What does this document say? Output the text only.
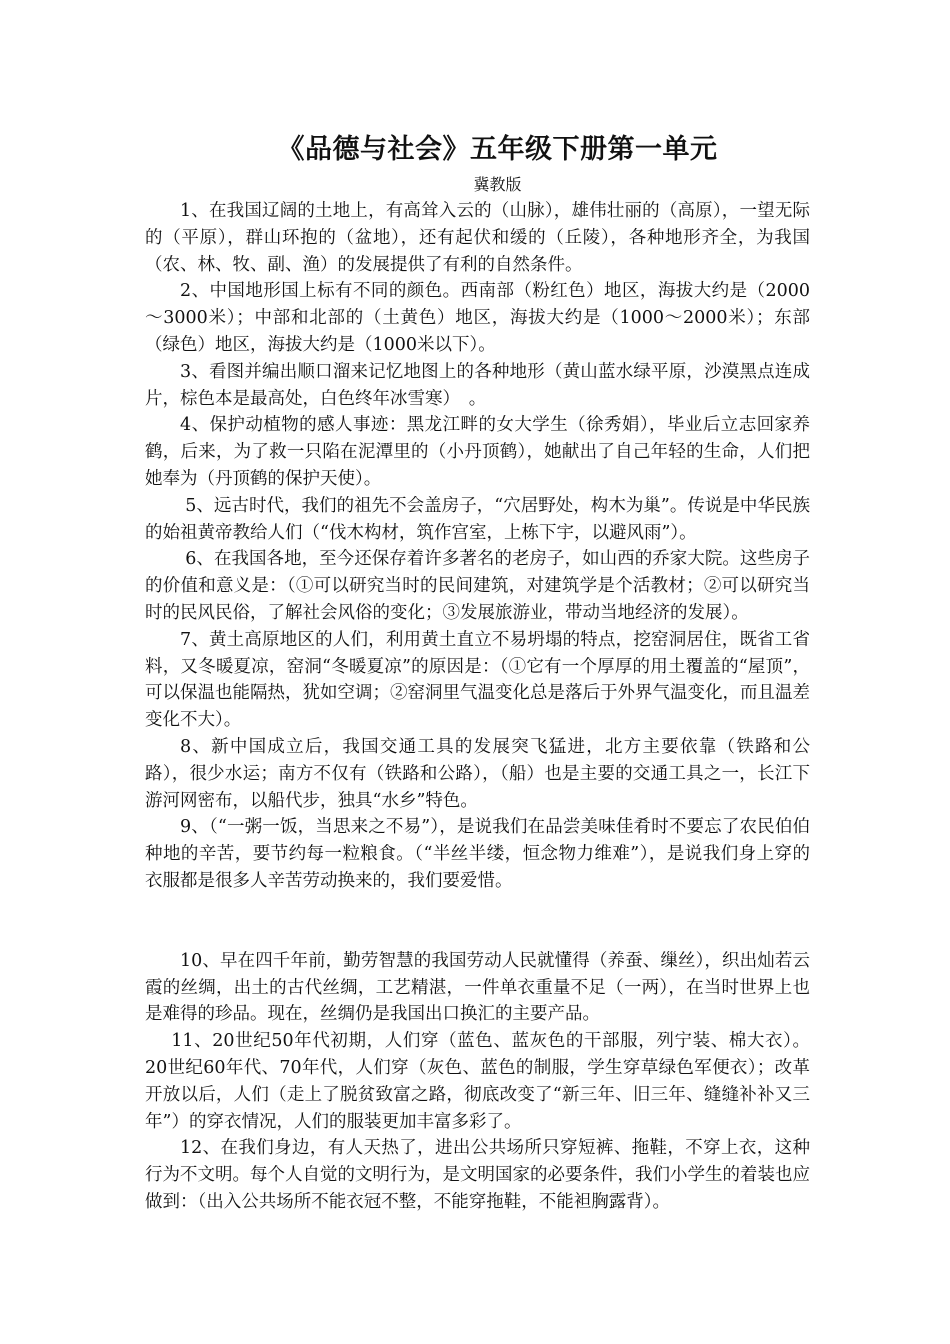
《品德与社会》五年级下册第一单元

冀教版

1、在我国辽阔的土地上，有高耸入云的（山脉），雄伟壮丽的（高原），一望无际的（平原），群山环抱的（盆地），还有起伏和缓的（丘陵），各种地形齐全，为我国（农、林、牧、副、渔）的发展提供了有利的自然条件。

2、中国地形国上标有不同的颜色。西南部（粉红色）地区，海拔大约是（2000～3000米）；中部和北部的（土黄色）地区，海拔大约是（1000～2000米）；东部（绿色）地区，海拔大约是（1000米以下）。

3、看图并编出顺口溜来记忆地图上的各种地形（黄山蓝水绿平原，沙漠黑点连成片，棕色本是最高处，白色终年冰雪寒）　。

4、保护动植物的感人事迹：黑龙江畔的女大学生（徐秀娟），毕业后立志回家养鹤，后来，为了救一只陷在泥潭里的（小丹顶鹤），她献出了自己年轻的生命，人们把她奉为（丹顶鹤的保护天使）。

5、远古时代，我们的祖先不会盖房子，“穴居野处，构木为巢”。传说是中华民族的始祖黄帝教给人们（“伐木构材，筑作宫室，上栋下宇，以避风雨”）。

6、在我国各地，至今还保存着许多著名的老房子，如山西的乔家大院。这些房子的价值和意义是：（①可以研究当时的民间建筑，对建筑学是个活教材；②可以研究当时的民风民俗，了解社会风俗的变化；③发展旅游业，带动当地经济的发展）。

7、黄土高原地区的人们，利用黄土直立不易坍塌的特点，挖窑洞居住，既省工省料，又冬暖夏凉，窑洞“冬暖夏凉”的原因是：（①它有一个厚厚的用土覆盖的“屋顶”，可以保温也能隔热，犹如空调；②窑洞里气温变化总是落后于外界气温变化，而且温差变化不大）。

8、新中国成立后，我国交通工具的发展突飞猛进，北方主要依靠（铁路和公路），很少水运；南方不仅有（铁路和公路），（船）也是主要的交通工具之一，长江下游河网密布，以船代步，独具“水乡”特色。

9、（“一粥一饭，当思来之不易”），是说我们在品尝美味佳肴时不要忘了农民伯伯种地的辛苦，要节约每一粒粮食。（“半丝半缕，恒念物力维难”），是说我们身上穿的衣服都是很多人辛苦劳动换来的，我们要爱惜。

10、早在四千年前，勤劳智慧的我国劳动人民就懂得（养蚕、缫丝），织出灿若云霞的丝绸，出土的古代丝绸，工艺精湛，一件单衣重量不足（一两），在当时世界上也是难得的珍品。现在，丝绸仍是我国出口换汇的主要产品。

11、20世纪50年代初期，人们穿（蓝色、蓝灰色的干部服，列宁装、棉大衣）。20世纪60年代、70年代，人们穿（灰色、蓝色的制服，学生穿草绿色军便衣）；改革开放以后，人们（走上了脱贫致富之路，彻底改变了“新三年、旧三年、缝缝补补又三年”）的穿衣情况，人们的服装更加丰富多彩了。

12、在我们身边，有人天热了，进出公共场所只穿短裤、拖鞋，不穿上衣，这种行为不文明。每个人自觉的文明行为，是文明国家的必要条件，我们小学生的着装也应做到：（出入公共场所不能衣冠不整，不能穿拖鞋，不能袒胸露背）。
